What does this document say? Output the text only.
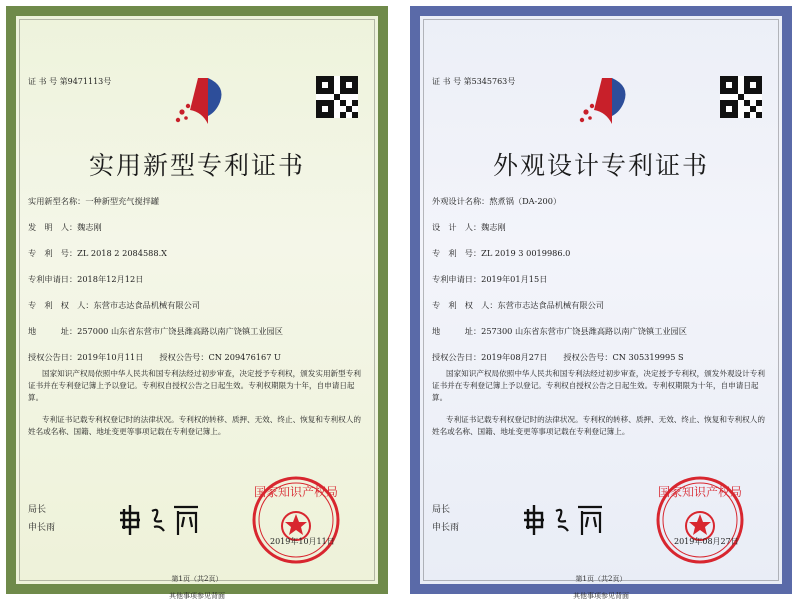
证 书 号 第9471113号
实用新型专利证书
实用新型名称：一种新型充气搅拌罐
发　明　人：魏志刚
专　利　号：ZL 2018 2 2084588.X
专利申请日：2018年12月12日
专　利　权　人：东营市志达食品机械有限公司
地　　　址：257000 山东省东营市广饶县潍高路以南广饶镇工业园区
授权公告日：2019年10月11日 授权公告号：CN 209476167 U
国家知识产权局依照中华人民共和国专利法经过初步审查，决定授予专利权，颁发实用新型专利证书并在专利登记簿上予以登记。专利权自授权公告之日起生效。专利权期限为十年，自申请日起算。
专利证书记载专利权登记时的法律状况。专利权的转移、质押、无效、终止、恢复和专利权人的姓名或名称、国籍、地址变更等事项记载在专利登记簿上。
局长
申长雨
国家知识产权局
2019年10月11日
第1页（共2页）
其他事项参见背面
证 书 号 第5345763号
外观设计专利证书
外观设计名称：熬煮锅（DA-200）
设　计　人：魏志刚
专　利　号：ZL 2019 3 0019986.0
专利申请日：2019年01月15日
专　利　权　人：东营市志达食品机械有限公司
地　　　址：257300 山东省东营市广饶县潍高路以南广饶镇工业园区
授权公告日：2019年08月27日 授权公告号：CN 305319995 S
国家知识产权局依照中华人民共和国专利法经过初步审查，决定授予专利权，颁发外观设计专利证书并在专利登记簿上予以登记。专利权自授权公告之日起生效。专利权期限为十年，自申请日起算。
专利证书记载专利权登记时的法律状况。专利权的转移、质押、无效、终止、恢复和专利权人的姓名或名称、国籍、地址变更等事项记载在专利登记簿上。
局长
申长雨
国家知识产权局
2019年08月27日
第1页（共2页）
其他事项参见背面
